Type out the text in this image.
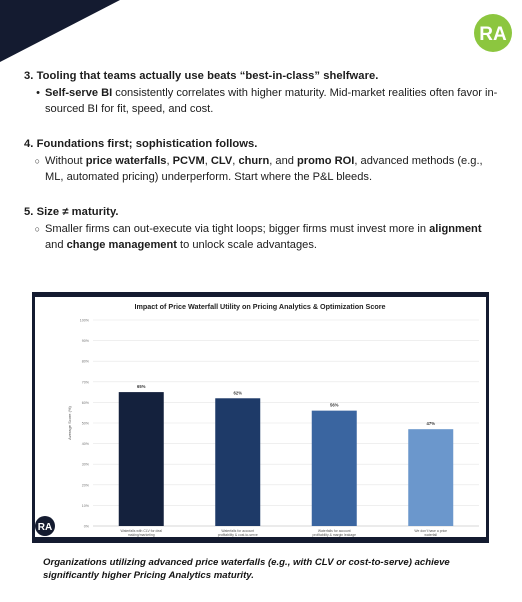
RA
3. Tooling that teams actually use beats “best-in-class” shelfware.
• Self-serve BI consistently correlates with higher maturity. Mid-market realities often favor in-sourced BI for fit, speed, and cost.
4. Foundations first; sophistication follows.
○ Without price waterfalls, PCVM, CLV, churn, and promo ROI, advanced methods (e.g., ML, automated pricing) underperform. Start where the P&L bleeds.
5. Size ≠ maturity.
○ Smaller firms can out-execute via tight loops; bigger firms must invest more in alignment and change management to unlock scale advantages.
Impact of Price Waterfall Utility on Pricing Analytics & Optimization Score
0%
10%
20%
30%
40%
50%
60%
70%
80%
90%
100%
Average Score (%)
65%
Waterfalls with CLV for deal making/marketing
62%
Waterfalls for account profitability & cost-to-serve
56%
Waterfalls for account profitability & margin leakage
47%
We don't have a price waterfall
RA
Organizations utilizing advanced price waterfalls (e.g., with CLV or cost-to-serve) achieve significantly higher Pricing Analytics maturity.
